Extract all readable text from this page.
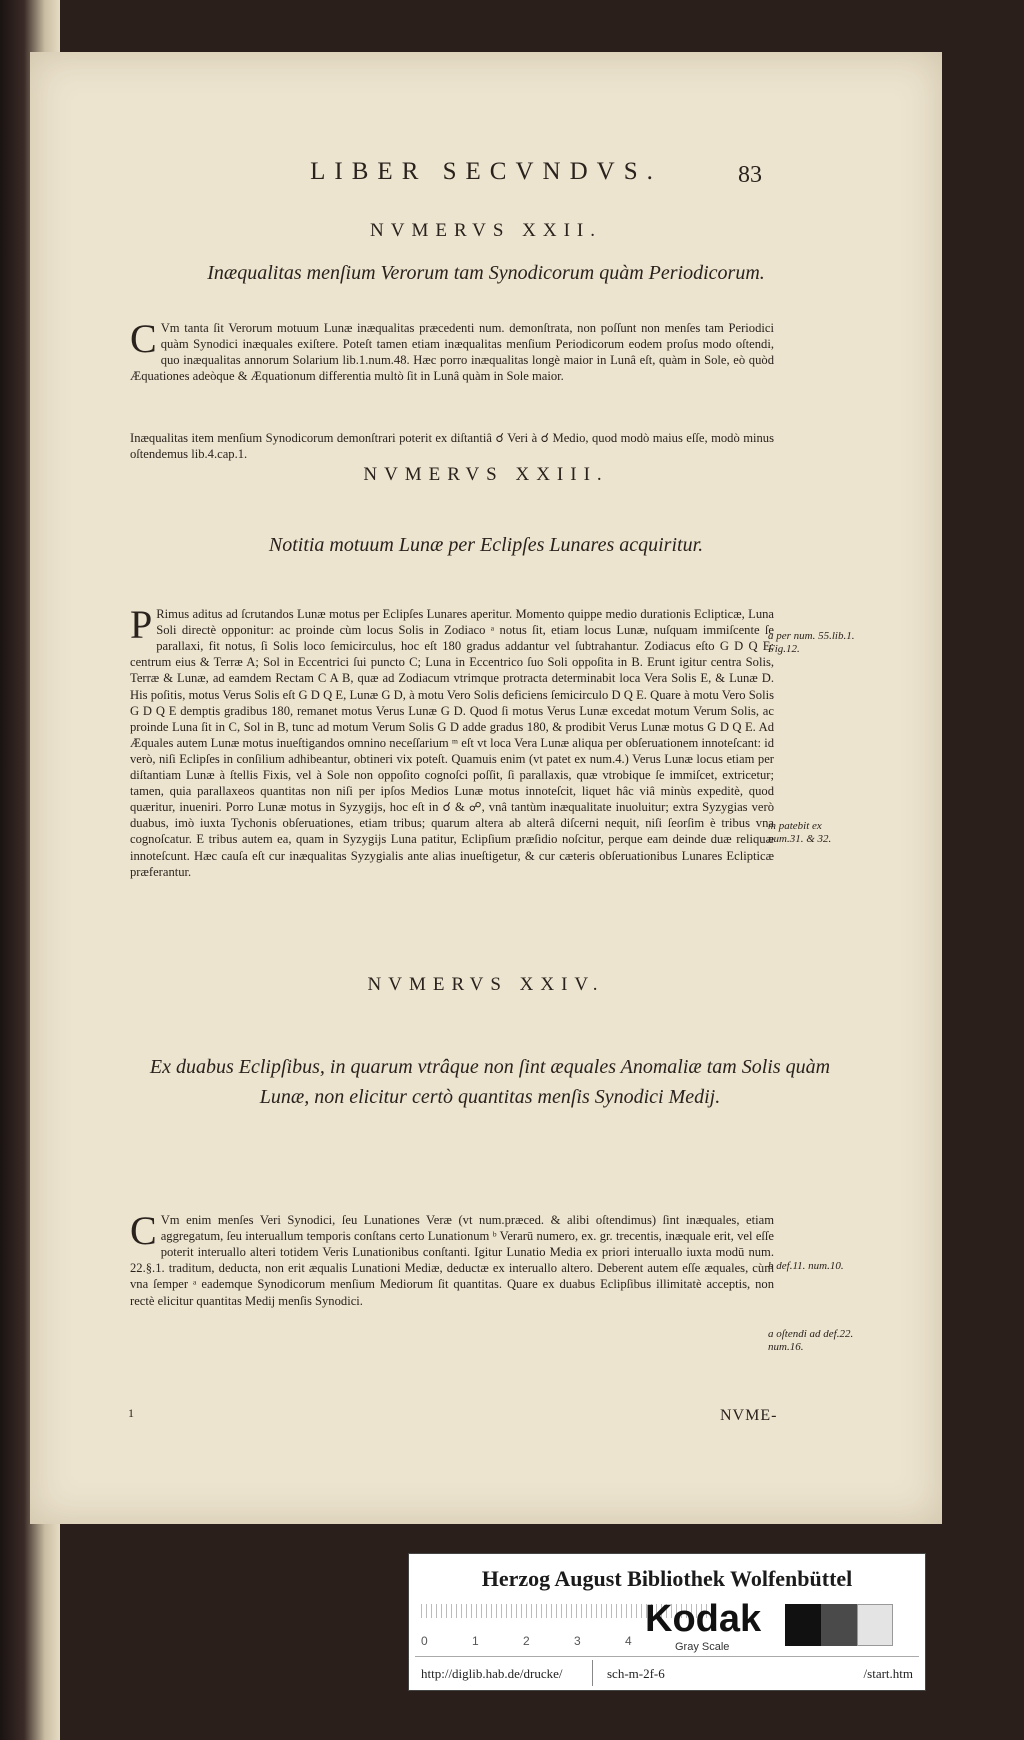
LIBER SECVNDVS.	83
NVMERVS XXII.
Inæqualitas menſium Verorum tam Synodicorum quàm Periodicorum.

C Vm tanta ſit Verorum motuum Lunæ inæqualitas præcedenti num. demonſtrata, non poſſunt non menſes tam Periodici quàm Synodici inæquales exiſtere. Poteſt tamen etiam inæqualitas menſium Periodicorum eodem proſus modo oſtendi, quo inæqualitas annorum Solarium lib.1.num.48. Hæc porro inæqualitas longè maior in Lunâ eſt, quàm in Sole, eò quòd Æquationes adeòque & Æquationum differentia multò ſit in Lunâ quàm in Sole maior.

Inæqualitas item menſium Synodicorum demonſtrari poterit ex diſtantiâ ☌ Veri à ☌ Medio, quod modò maius eſſe, modò minus oſtendemus lib.4.cap.1.

NVMERVS XXIII.
Notitia motuum Lunæ per Eclipſes Lunares acquiritur.

P Rimus aditus ad ſcrutandos Lunæ motus per Eclipſes Lunares aperitur. Momento quippe medio durationis Eclipticæ, Luna Soli directè opponitur: ac proinde cùm locus Solis in Zodiaco ᵃ notus ſit, etiam locus Lunæ, nuſquam immiſcente ſe parallaxi, fit notus, ſi Solis loco ſemicirculus, hoc eſt 180 gradus addantur vel ſubtrahantur. Zodiacus eſto G D Q E; centrum eius & Terræ A; Sol in Eccentrici ſui puncto C; Luna in Eccentrico ſuo Soli oppoſita in B. Erunt igitur centra Solis, Terræ & Lunæ, ad eamdem Rectam C A B, quæ ad Zodiacum vtrimque protracta determinabit loca Vera Solis E, & Lunæ D. His poſitis, motus Verus Solis eſt G D Q E, Lunæ G D, à motu Vero Solis deficiens ſemicirculo D Q E. Quare à motu Vero Solis G D Q E demptis gradibus 180, remanet motus Verus Lunæ G D. Quod ſi motus Verus Lunæ excedat motum Verum Solis, ac proinde Luna ſit in C, Sol in B, tunc ad motum Verum Solis G D adde gradus 180, & prodibit Verus Lunæ motus G D Q E. Ad Æquales autem Lunæ motus inueſtigandos omnino neceſſarium ᵐ eſt vt loca Vera Lunæ aliqua per obſeruationem innoteſcant: id verò, niſi Eclipſes in conſilium adhibeantur, obtineri vix poteſt. Quamuis enim (vt patet ex num.4.) Verus Lunæ locus etiam per diſtantiam Lunæ à ſtellis Fixis, vel à Sole non oppoſito cognoſci poſſit, ſi parallaxis, quæ vtrobique ſe immiſcet, extricetur; tamen, quia parallaxeos quantitas non niſi per ipſos Medios Lunæ motus innoteſcit, liquet hâc viâ minùs expeditè, quod quæritur, inueniri. Porro Lunæ motus in Syzygijs, hoc eſt in ☌ & ☍, vnâ tantùm inæqualitate inuoluitur; extra Syzygias verò duabus, imò iuxta Tychonis obſeruationes, etiam tribus; quarum altera ab alterâ diſcerni nequit, niſi ſeorſim è tribus vna cognoſcatur. E tribus autem ea, quam in Syzygijs Luna patitur, Eclipſium præſidio noſcitur, perque eam deinde duæ reliquæ innoteſcunt. Hæc cauſa eſt cur inæqualitas Syzygialis ante alias inueſtigetur, & cur cæteris obſeruationibus Lunares Eclipticæ præferantur.

a per num. 55.lib.1.
Fig.12.
m patebit ex num.31. & 32.
NVMERVS XXIV.
Ex duabus Eclipſibus, in quarum vtrâque non ſint æquales Anomaliæ tam Solis quàm Lunæ, non elicitur certò quantitas menſis Synodici Medij.

C Vm enim menſes Veri Synodici, ſeu Lunationes Veræ (vt num.præced. & alibi oſtendimus) ſint inæquales, etiam aggregatum, ſeu interuallum temporis conſtans certo Lunationum ᵇ Verarū numero, ex. gr. trecentis, inæquale erit, vel eſſe poterit interuallo alteri totidem Veris Lunationibus conſtanti. Igitur Lunatio Media ex priori interuallo iuxta modū num. 22.§.1. traditum, deducta, non erit æqualis Lunationi Mediæ, deductæ ex interuallo altero. Deberent autem eſſe æquales, cùm vna ſemper ᵃ eademque Synodicorum menſium Mediorum ſit quantitas. Quare ex duabus Eclipſibus illimitatè acceptis, non rectè elicitur quantitas Medij menſis Synodici.

b def.11. num.10.
a oſtendi ad def.22. num.16.
1	NVME-
Herzog August Bibliothek Wolfenbüttel
0	1	2	3	4
Kodak
Gray Scale
http://diglib.hab.de/drucke/	sch-m-2f-6	/start.htm
